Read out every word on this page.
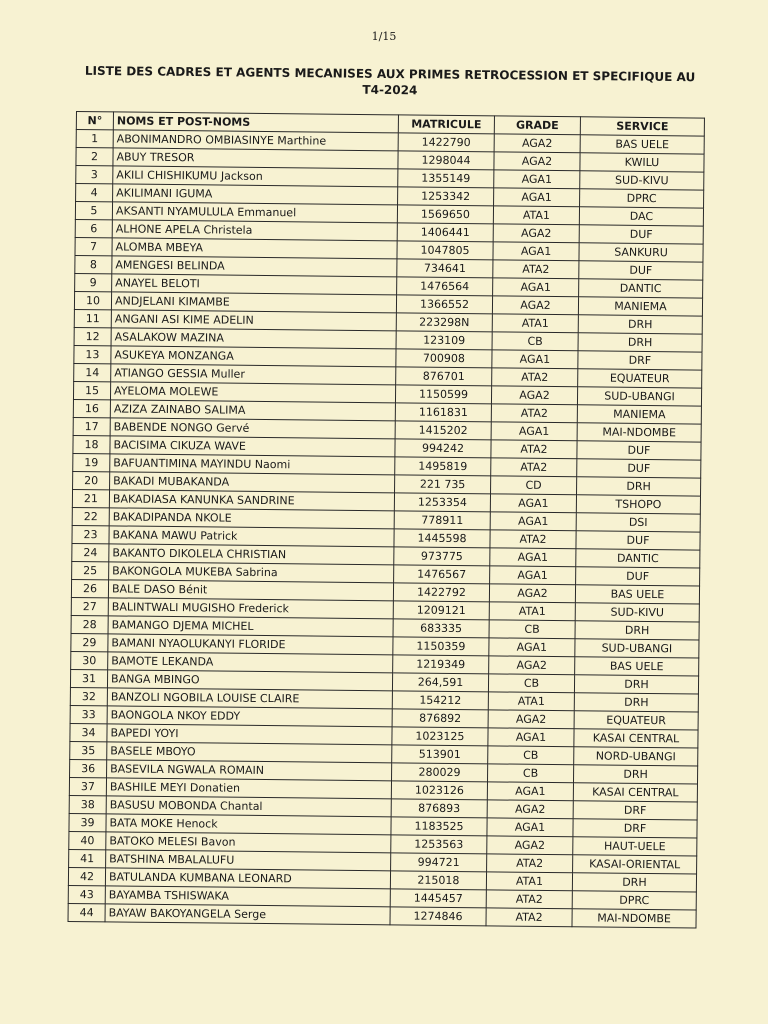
1/15
LISTE DES CADRES ET AGENTS MECANISES AUX PRIMES RETROCESSION ET SPECIFIQUE AU
T4-2024
N°	NOMS ET POST-NOMS	MATRICULE	GRADE	SERVICE
1	ABONIMANDRO OMBIASINYE Marthine	1422790	AGA2	BAS UELE
2	ABUY TRESOR	1298044	AGA2	KWILU
3	AKILI CHISHIKUMU Jackson	1355149	AGA1	SUD-KIVU
4	AKILIMANI IGUMA	1253342	AGA1	DPRC
5	AKSANTI NYAMULULA Emmanuel	1569650	ATA1	DAC
6	ALHONE APELA Christela	1406441	AGA2	DUF
7	ALOMBA MBEYA	1047805	AGA1	SANKURU
8	AMENGESI BELINDA	734641	ATA2	DUF
9	ANAYEL BELOTI	1476564	AGA1	DANTIC
10	ANDJELANI KIMAMBE	1366552	AGA2	MANIEMA
11	ANGANI ASI KIME ADELIN	223298N	ATA1	DRH
12	ASALAKOW MAZINA	123109	CB	DRH
13	ASUKEYA MONZANGA	700908	AGA1	DRF
14	ATIANGO GESSIA Muller	876701	ATA2	EQUATEUR
15	AYELOMA MOLEWE	1150599	AGA2	SUD-UBANGI
16	AZIZA ZAINABO SALIMA	1161831	ATA2	MANIEMA
17	BABENDE NONGO Gervé	1415202	AGA1	MAI-NDOMBE
18	BACISIMA CIKUZA WAVE	994242	ATA2	DUF
19	BAFUANTIMINA MAYINDU Naomi	1495819	ATA2	DUF
20	BAKADI MUBAKANDA	221 735	CD	DRH
21	BAKADIASA KANUNKA SANDRINE	1253354	AGA1	TSHOPO
22	BAKADIPANDA NKOLE	778911	AGA1	DSI
23	BAKANA MAWU Patrick	1445598	ATA2	DUF
24	BAKANTO DIKOLELA CHRISTIAN	973775	AGA1	DANTIC
25	BAKONGOLA MUKEBA Sabrina	1476567	AGA1	DUF
26	BALE DASO Bénit	1422792	AGA2	BAS UELE
27	BALINTWALI MUGISHO Frederick	1209121	ATA1	SUD-KIVU
28	BAMANGO DJEMA MICHEL	683335	CB	DRH
29	BAMANI NYAOLUKANYI FLORIDE	1150359	AGA1	SUD-UBANGI
30	BAMOTE LEKANDA	1219349	AGA2	BAS UELE
31	BANGA MBINGO	264,591	CB	DRH
32	BANZOLI NGOBILA LOUISE CLAIRE	154212	ATA1	DRH
33	BAONGOLA NKOY EDDY	876892	AGA2	EQUATEUR
34	BAPEDI YOYI	1023125	AGA1	KASAI CENTRAL
35	BASELE MBOYO	513901	CB	NORD-UBANGI
36	BASEVILA NGWALA ROMAIN	280029	CB	DRH
37	BASHILE MEYI Donatien	1023126	AGA1	KASAI CENTRAL
38	BASUSU MOBONDA Chantal	876893	AGA2	DRF
39	BATA MOKE Henock	1183525	AGA1	DRF
40	BATOKO MELESI Bavon	1253563	AGA2	HAUT-UELE
41	BATSHINA MBALALUFU	994721	ATA2	KASAI-ORIENTAL
42	BATULANDA KUMBANA LEONARD	215018	ATA1	DRH
43	BAYAMBA TSHISWAKA	1445457	ATA2	DPRC
44	BAYAW BAKOYANGELA Serge	1274846	ATA2	MAI-NDOMBE
